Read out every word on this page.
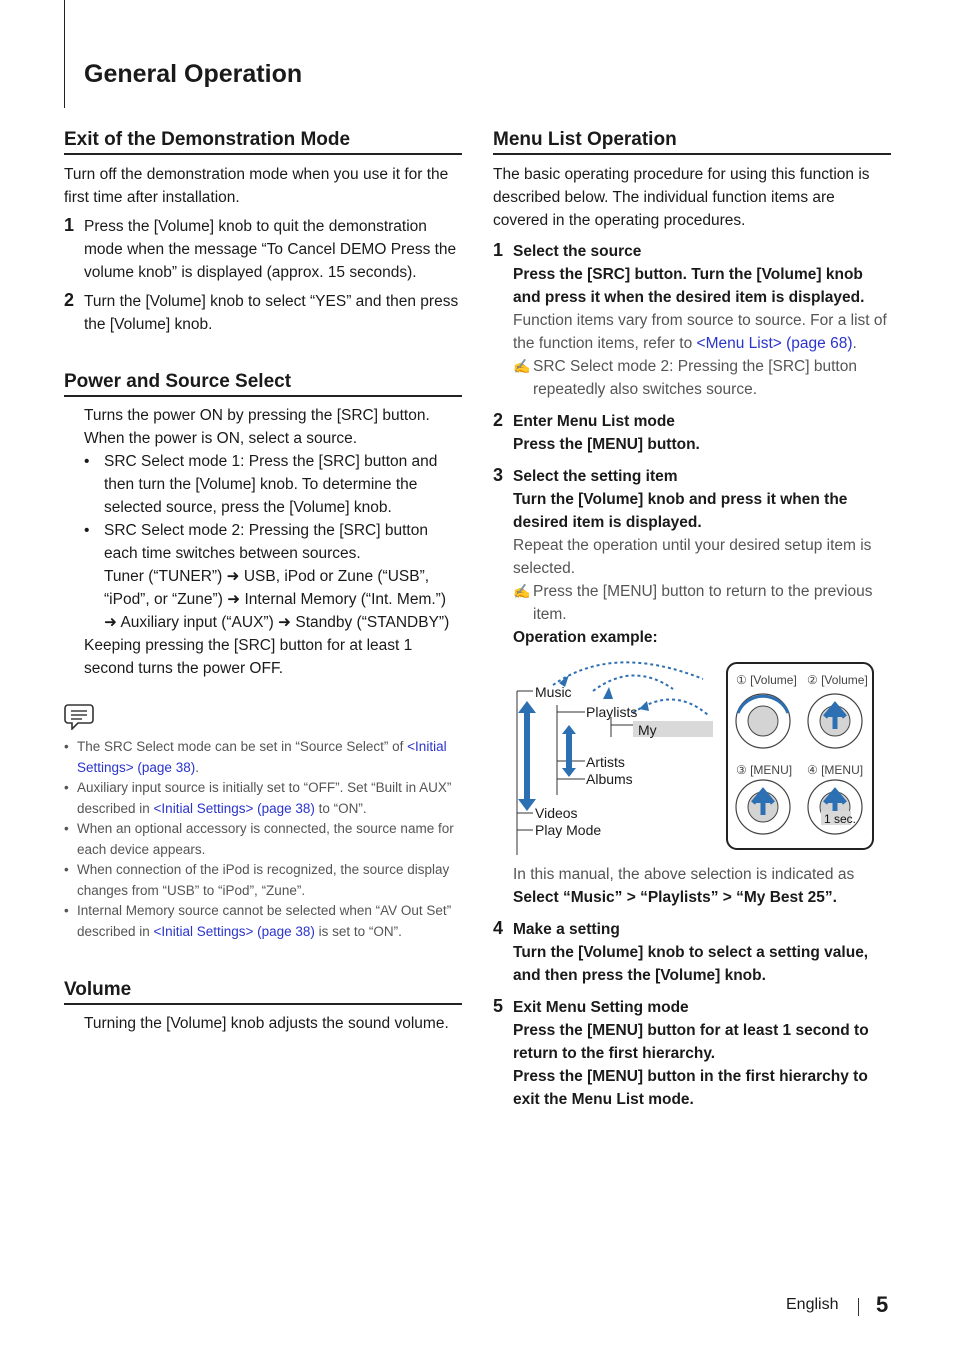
General Operation
Exit of the Demonstration Mode

Turn off the demonstration mode when you use it for the first time after installation.

1 Press the [Volume] knob to quit the demonstration mode when the message “To Cancel DEMO Press the volume knob” is displayed (approx. 15 seconds).
2 Turn the [Volume] knob to select “YES” and then press the [Volume] knob.
Power and Source Select

Turns the power ON by pressing the [SRC] button.

When the power is ON, select a source.

• SRC Select mode 1: Press the [SRC] button and then turn the [Volume] knob. To determine the selected source, press the [Volume] knob.
• SRC Select mode 2: Pressing the [SRC] button each time switches between sources.

Tuner (“TUNER”) ➜ USB, iPod or Zune (“USB”, “iPod”, or “Zune”) ➜ Internal Memory (“Int. Mem.”) ➜ Auxiliary input (“AUX”) ➜ Standby (“STANDBY”)

Keeping pressing the [SRC] button for at least 1 second turns the power OFF.

• The SRC Select mode can be set in “Source Select” of <Initial Settings> (page 38).
• Auxiliary input source is initially set to “OFF”. Set “Built in AUX” described in <Initial Settings> (page 38) to “ON”.
• When an optional accessory is connected, the source name for each device appears.
• When connection of the iPod is recognized, the source display changes from “USB” to “iPod”, “Zune”.
• Internal Memory source cannot be selected when “AV Out Set” described in <Initial Settings> (page 38) is set to “ON”.
Volume

Turning the [Volume] knob adjusts the sound volume.

Menu List Operation

The basic operating procedure for using this function is described below. The individual function items are covered in the operating procedures.

1 Select the source
Press the [SRC] button. Turn the [Volume] knob and press it when the desired item is displayed.
Function items vary from source to source. For a list of the function items, refer to <Menu List> (page 68).
✍ SRC Select mode 2: Pressing the [SRC] button repeatedly also switches source.
2 Enter Menu List mode
Press the [MENU] button.
3 Select the setting item
Turn the [Volume] knob and press it when the desired item is displayed.
Repeat the operation until your desired setup item is selected.
✍ Press the [MENU] button to return to the previous item.
Operation example:
Music
Playlists
My
Artists
Albums
Videos
Play Mode
① [Volume] ② [Volume]
③ [MENU] ④ [MENU]
1 sec.
In this manual, the above selection is indicated as
Select “Music” > “Playlists” > “My Best 25”.
4 Make a setting
Turn the [Volume] knob to select a setting value, and then press the [Volume] knob.
5 Exit Menu Setting mode
Press the [MENU] button for at least 1 second to return to the first hierarchy.
Press the [MENU] button in the first hierarchy to exit the Menu List mode.
English 5
